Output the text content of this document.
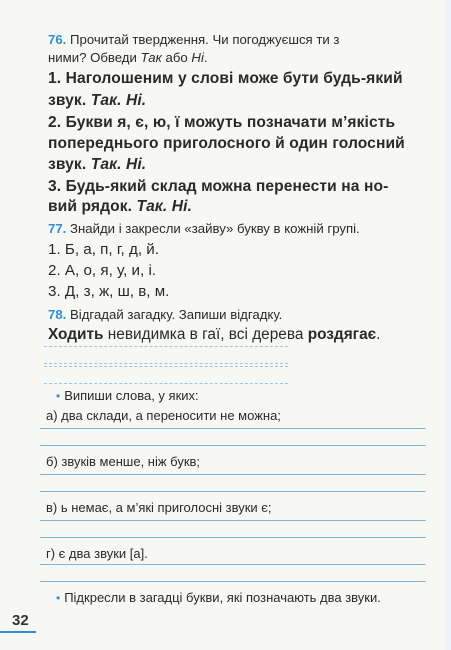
76. Прочитай твердження. Чи погоджуєшся ти з
ними? Обведи Так або Ні.
1. Наголошеним у слові може бути будь-який
звук. Так. Ні.
2. Букви я, є, ю, ї можуть позначати м’якість
попереднього приголосного й один голосний
звук. Так. Ні.
3. Будь-який склад можна перенести на но-
вий рядок. Так. Ні.
77. Знайди і закресли «зайву» букву в кожній групі.
1. Б, а, п, г, д, й.
2. А, о, я, у, и, і.
3. Д, з, ж, ш, в, м.
78. Відгадай загадку. Запиши відгадку.
Ходить невидимка в гаї, всі дерева роздягає.
• Випиши слова, у яких:
а) два склади, а переносити не можна;
б) звуків менше, ніж букв;
в) ь немає, а м’які приголосні звуки є;
г) є два звуки [а].
• Підкресли в загадці букви, які позначають два звуки.
32
